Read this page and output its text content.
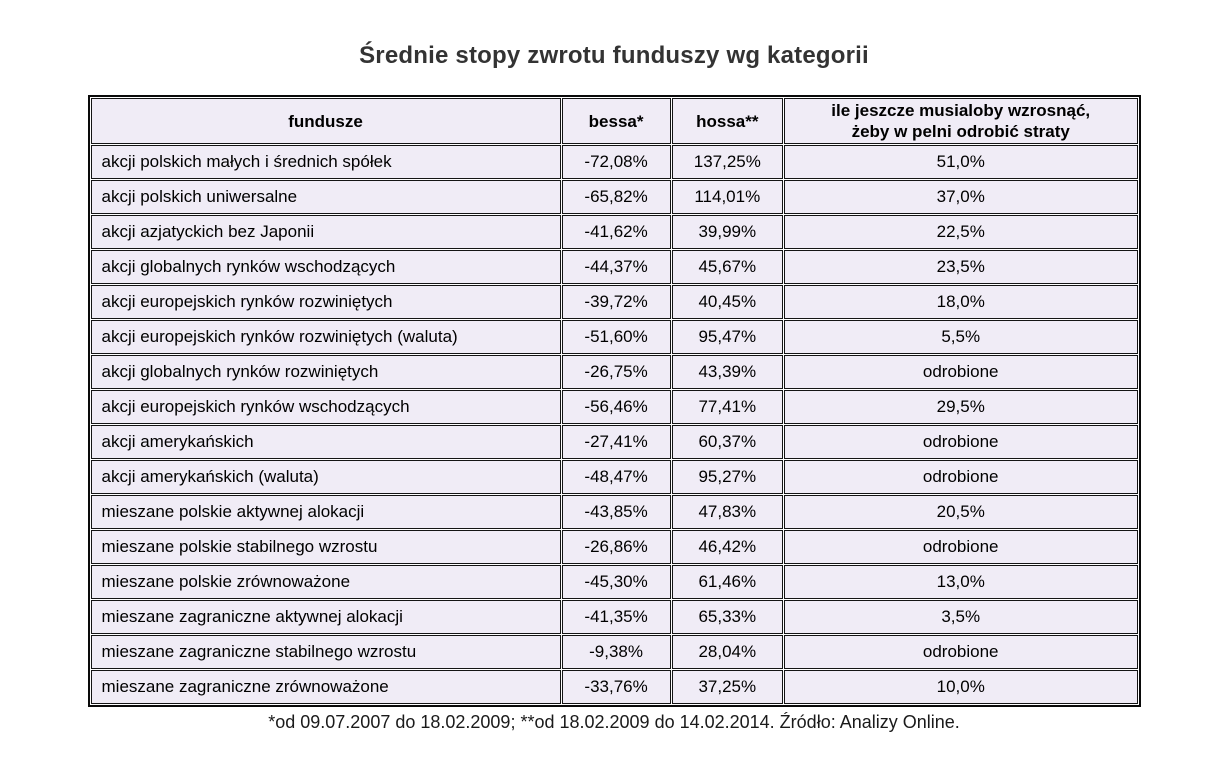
Średnie stopy zwrotu funduszy wg kategorii
fundusze	bessa*	hossa**	ile jeszcze musialoby wzrosnąć,
żeby w pelni odrobić straty

akcji polskich małych i średnich spółek	-72,08%	137,25%	51,0%
akcji polskich uniwersalne	-65,82%	114,01%	37,0%
akcji azjatyckich bez Japonii	-41,62%	39,99%	22,5%
akcji globalnych rynków wschodzących	-44,37%	45,67%	23,5%
akcji europejskich rynków rozwiniętych	-39,72%	40,45%	18,0%
akcji europejskich rynków rozwiniętych (waluta)	-51,60%	95,47%	5,5%
akcji globalnych rynków rozwiniętych	-26,75%	43,39%	odrobione
akcji europejskich rynków wschodzących	-56,46%	77,41%	29,5%
akcji amerykańskich	-27,41%	60,37%	odrobione
akcji amerykańskich (waluta)	-48,47%	95,27%	odrobione
mieszane polskie aktywnej alokacji	-43,85%	47,83%	20,5%
mieszane polskie stabilnego wzrostu	-26,86%	46,42%	odrobione
mieszane polskie zrównoważone	-45,30%	61,46%	13,0%
mieszane zagraniczne aktywnej alokacji	-41,35%	65,33%	3,5%
mieszane zagraniczne stabilnego wzrostu	-9,38%	28,04%	odrobione
mieszane zagraniczne zrównoważone	-33,76%	37,25%	10,0%

*od 09.07.2007 do 18.02.2009; **od 18.02.2009 do 14.02.2014. Źródło: Analizy Online.
